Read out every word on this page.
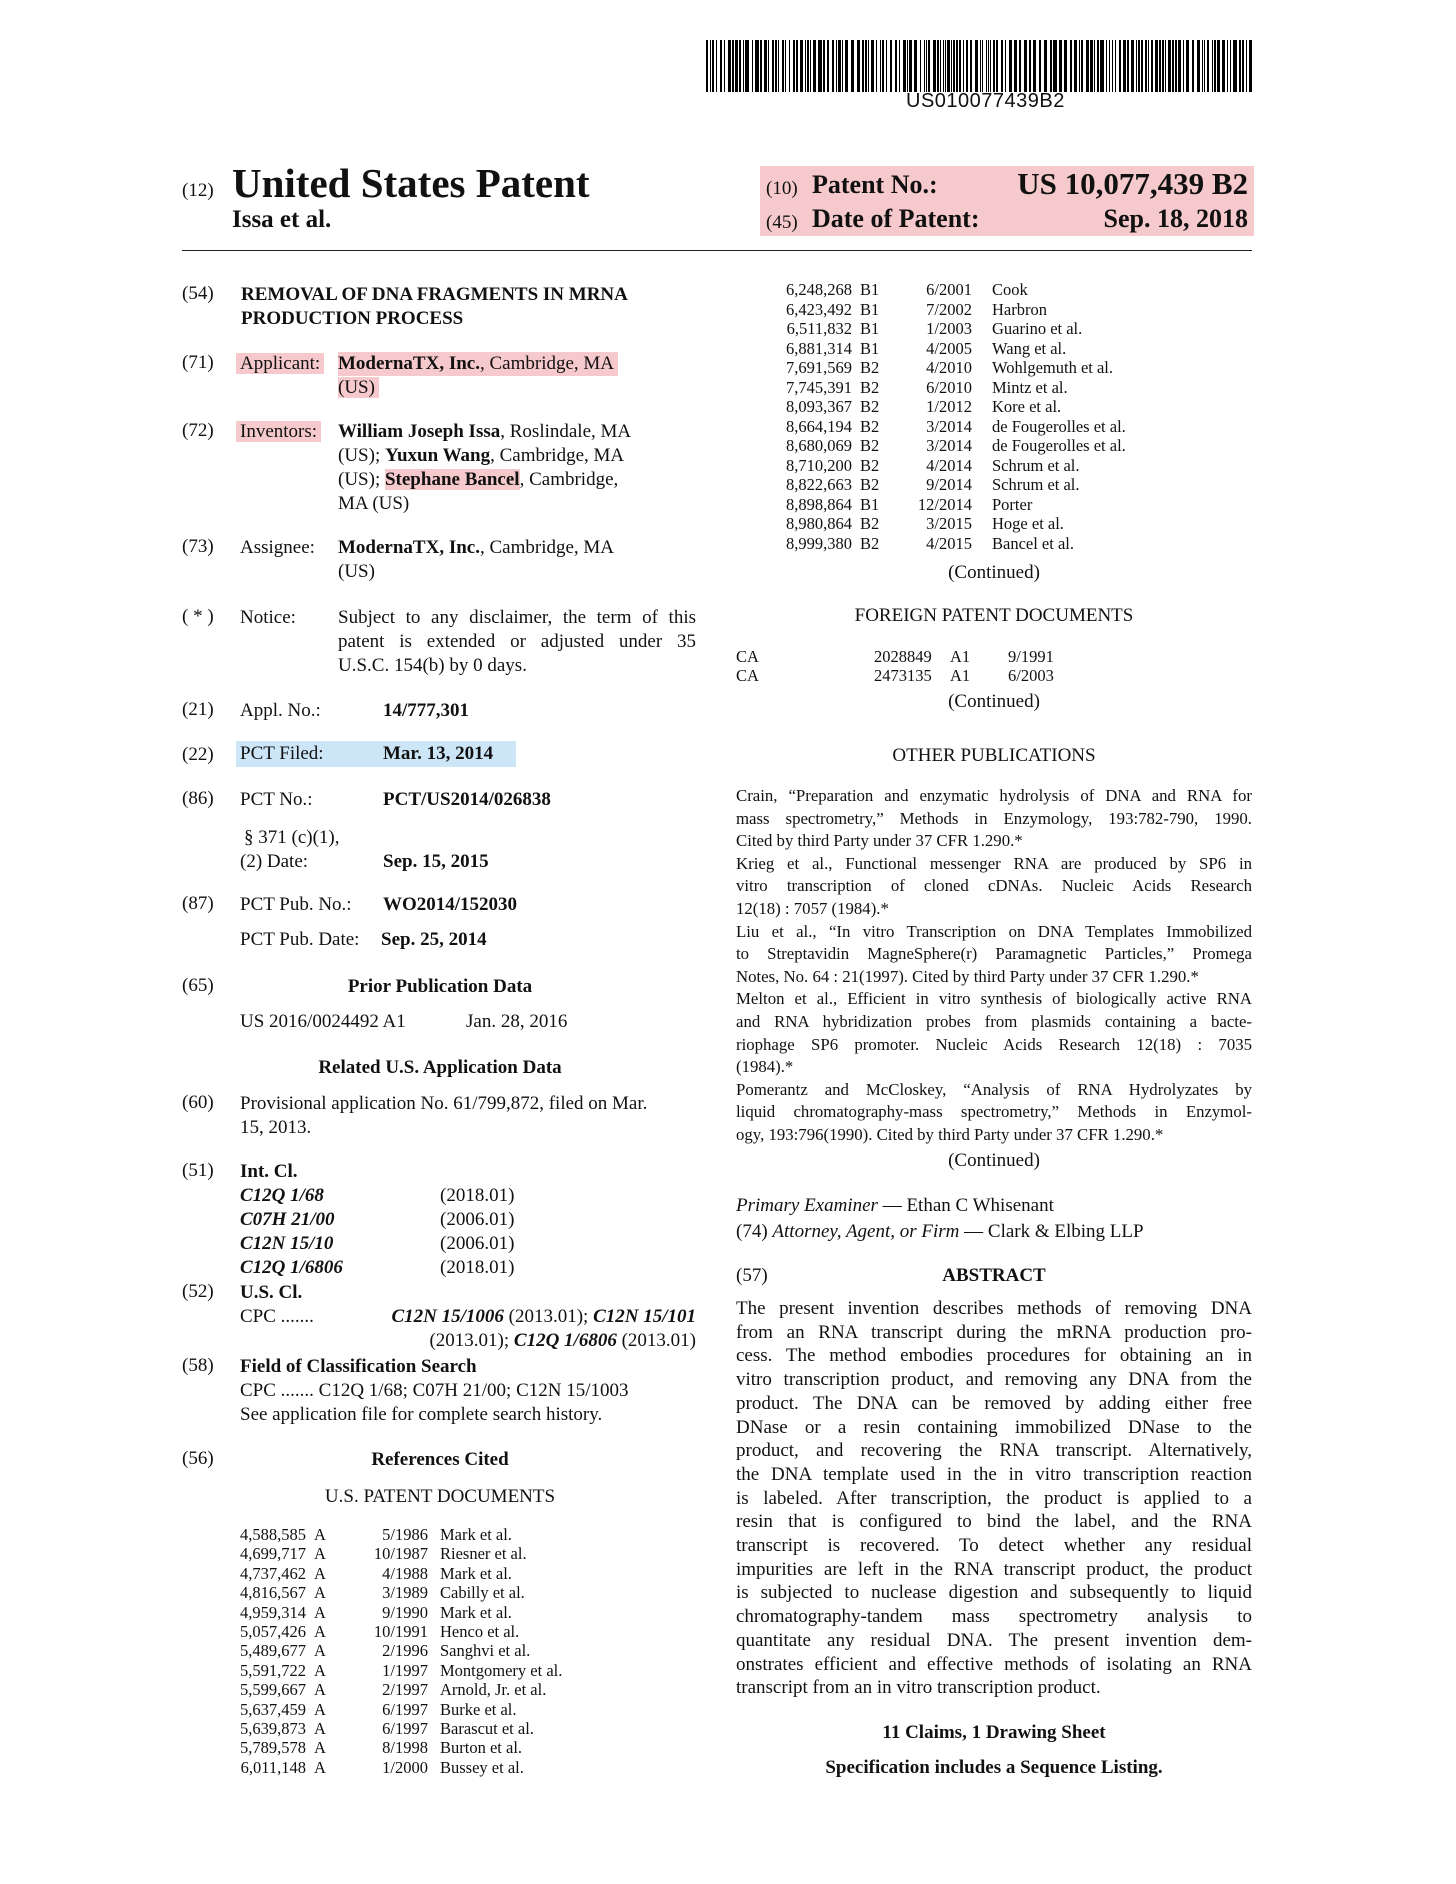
US010077439B2
(12) United States Patent
Issa et al.
(10) Patent No.:	US 10,077,439 B2
(45) Date of Patent:	Sep. 18, 2018
(54) REMOVAL OF DNA FRAGMENTS IN MRNA
PRODUCTION PROCESS
(71) Applicant: ModernaTX, Inc., Cambridge, MA
(US)
(72) Inventors: William Joseph Issa, Roslindale, MA
(US); Yuxun Wang, Cambridge, MA
(US); Stephane Bancel, Cambridge,
MA (US)
(73) Assignee: ModernaTX, Inc., Cambridge, MA
(US)
( * ) Notice: Subject to any disclaimer, the term of this
patent is extended or adjusted under 35
U.S.C. 154(b) by 0 days.
(21) Appl. No.:	14/777,301
(22) PCT Filed:	Mar. 13, 2014
(86) PCT No.:	PCT/US2014/026838
§ 371 (c)(1),
(2) Date:	Sep. 15, 2015
(87) PCT Pub. No.: WO2014/152030
PCT Pub. Date: Sep. 25, 2014
(65)	Prior Publication Data
US 2016/0024492 A1	Jan. 28, 2016
Related U.S. Application Data
(60) Provisional application No. 61/799,872, filed on Mar.
15, 2013.
(51) Int. Cl.
C12Q 1/68	(2018.01)
C07H 21/00	(2006.01)
C12N 15/10	(2006.01)
C12Q 1/6806	(2018.01)
(52) U.S. Cl.
CPC .......	C12N 15/1006 (2013.01); C12N 15/101
(2013.01); C12Q 1/6806 (2013.01)
(58) Field of Classification Search
CPC ....... C12Q 1/68; C07H 21/00; C12N 15/1003
See application file for complete search history.
(56)	References Cited
U.S. PATENT DOCUMENTS
4,588,585 A	5/1986 Mark et al.
4,699,717 A	10/1987 Riesner et al.
4,737,462 A	4/1988 Mark et al.
4,816,567 A	3/1989 Cabilly et al.
4,959,314 A	9/1990 Mark et al.
5,057,426 A	10/1991 Henco et al.
5,489,677 A	2/1996 Sanghvi et al.
5,591,722 A	1/1997 Montgomery et al.
5,599,667 A	2/1997 Arnold, Jr. et al.
5,637,459 A	6/1997 Burke et al.
5,639,873 A	6/1997 Barascut et al.
5,789,578 A	8/1998 Burton et al.
6,011,148 A	1/2000 Bussey et al.
6,248,268 B1	6/2001 Cook
6,423,492 B1	7/2002 Harbron
6,511,832 B1	1/2003 Guarino et al.
6,881,314 B1	4/2005 Wang et al.
7,691,569 B2	4/2010 Wohlgemuth et al.
7,745,391 B2	6/2010 Mintz et al.
8,093,367 B2	1/2012 Kore et al.
8,664,194 B2	3/2014 de Fougerolles et al.
8,680,069 B2	3/2014 de Fougerolles et al.
8,710,200 B2	4/2014 Schrum et al.
8,822,663 B2	9/2014 Schrum et al.
8,898,864 B1	12/2014 Porter
8,980,864 B2	3/2015 Hoge et al.
8,999,380 B2	4/2015 Bancel et al.
(Continued)
FOREIGN PATENT DOCUMENTS
CA	2028849 A1 9/1991
CA	2473135 A1 6/2003
(Continued)
OTHER PUBLICATIONS
Crain, “Preparation and enzymatic hydrolysis of DNA and RNA for
mass spectrometry,” Methods in Enzymology, 193:782-790, 1990.
Cited by third Party under 37 CFR 1.290.*
Krieg et al., Functional messenger RNA are produced by SP6 in
vitro transcription of cloned cDNAs. Nucleic Acids Research
12(18) : 7057 (1984).*
Liu et al., “In vitro Transcription on DNA Templates Immobilized
to Streptavidin MagneSphere(r) Paramagnetic Particles,” Promega
Notes, No. 64 : 21(1997). Cited by third Party under 37 CFR 1.290.*
Melton et al., Efficient in vitro synthesis of biologically active RNA
and RNA hybridization probes from plasmids containing a bacte-
riophage SP6 promoter. Nucleic Acids Research 12(18) : 7035
(1984).*
Pomerantz and McCloskey, “Analysis of RNA Hydrolyzates by
liquid chromatography-mass spectrometry,” Methods in Enzymol-
ogy, 193:796(1990). Cited by third Party under 37 CFR 1.290.*
(Continued)
Primary Examiner — Ethan C Whisenant
(74) Attorney, Agent, or Firm — Clark & Elbing LLP
(57)	ABSTRACT
The present invention describes methods of removing DNA
from an RNA transcript during the mRNA production pro-
cess. The method embodies procedures for obtaining an in
vitro transcription product, and removing any DNA from the
product. The DNA can be removed by adding either free
DNase or a resin containing immobilized DNase to the
product, and recovering the RNA transcript. Alternatively,
the DNA template used in the in vitro transcription reaction
is labeled. After transcription, the product is applied to a
resin that is configured to bind the label, and the RNA
transcript is recovered. To detect whether any residual
impurities are left in the RNA transcript product, the product
is subjected to nuclease digestion and subsequently to liquid
chromatography-tandem mass spectrometry analysis to
quantitate any residual DNA. The present invention dem-
onstrates efficient and effective methods of isolating an RNA
transcript from an in vitro transcription product.
11 Claims, 1 Drawing Sheet
Specification includes a Sequence Listing.
